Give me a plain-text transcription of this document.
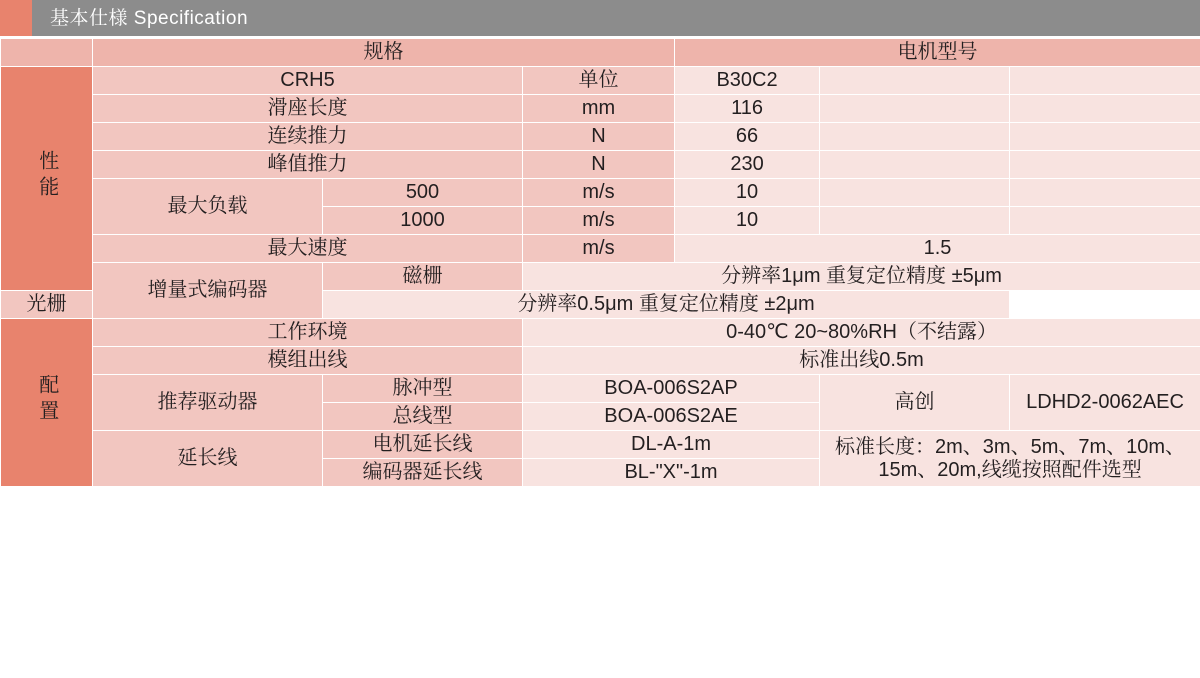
基本仕様 Specification
	规格			电机型号		
性能	CRH5		单位	B30C2		
	滑座长度		mm	116		
	连续推力		N	66		
	峰值推力		N	230		
	最大负载	500	m/s	10		
		1000	m/s	10		
	最大速度		m/s	1.5		
	增量式编码器	磁栅	分辨率1μm 重复定位精度 ±5μm			
光栅		分辨率0.5μm 重复定位精度 ±2μm				
配置	工作环境		0-40℃ 20~80%RH（不结露）			
	模组出线		标准出线0.5m			
	推荐驱动器	脉冲型	BOA-006S2AP		高创	LDHD2-0062AEC
		总线型	BOA-006S2AE			
	延长线	电机延长线	DL-A-1m		标准长度：2m、3m、5m、7m、10m、15m、20m,线缆按照配件选型	
		编码器延长线	BL-"X"-1m			
